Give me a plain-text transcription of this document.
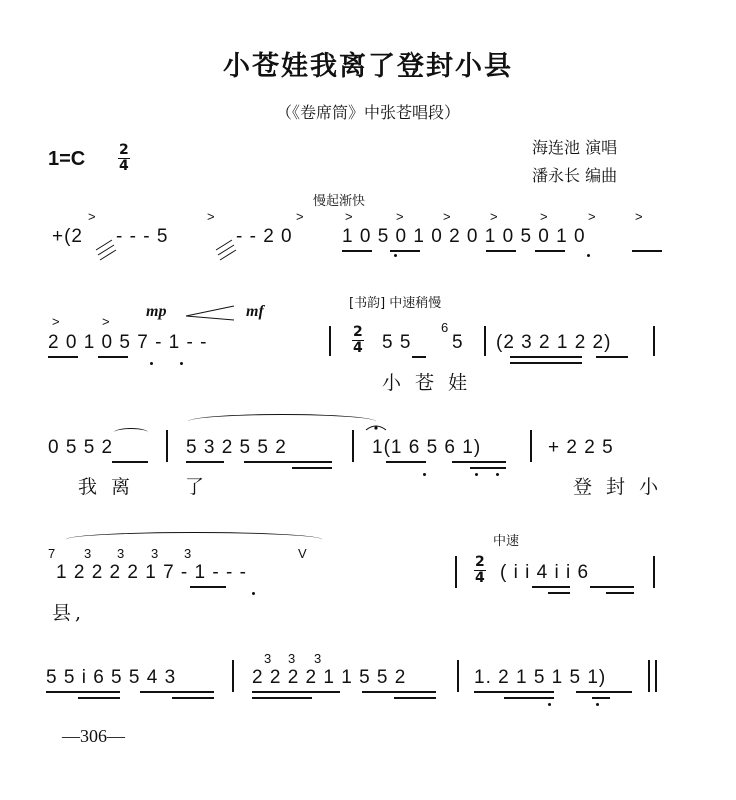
小苍娃我离了登封小县
（《卷席筒》中张苍唱段）
海连池 演唱
潘永长 编曲
$1=C \frac{2}{4}$
慢起渐快
>	>	>	>	>	>	>	>	>	>
+(2 - - - 5	- - 2 0	1 0 5 0 1 0 2 0 1 0 5 0 1 0
mp	mf	[书韵] 中速稍慢
>	>
2 0 1 0 5 7 - 1 - -	$\frac{2}{4} 5$ 5
6
5 (2 3 2 1 2 2)
小 苍 娃
0 5 5 2	5 3 2 5 5 2	1(1 6 5 6 1)	+ 2 2 5
我 离	了	登 封 小
中速
7 3 3 3 3	V
1 2 2 2 2 1 7 - 1 - - -	$\frac{2}{4}$ ( i i 4 i i 6
县,
3 3 3
5 5 i 6 5 5 4 3	2 2 2 2 1 1 5 5 2	1. 2 1 5 1 5 1)
—306—
